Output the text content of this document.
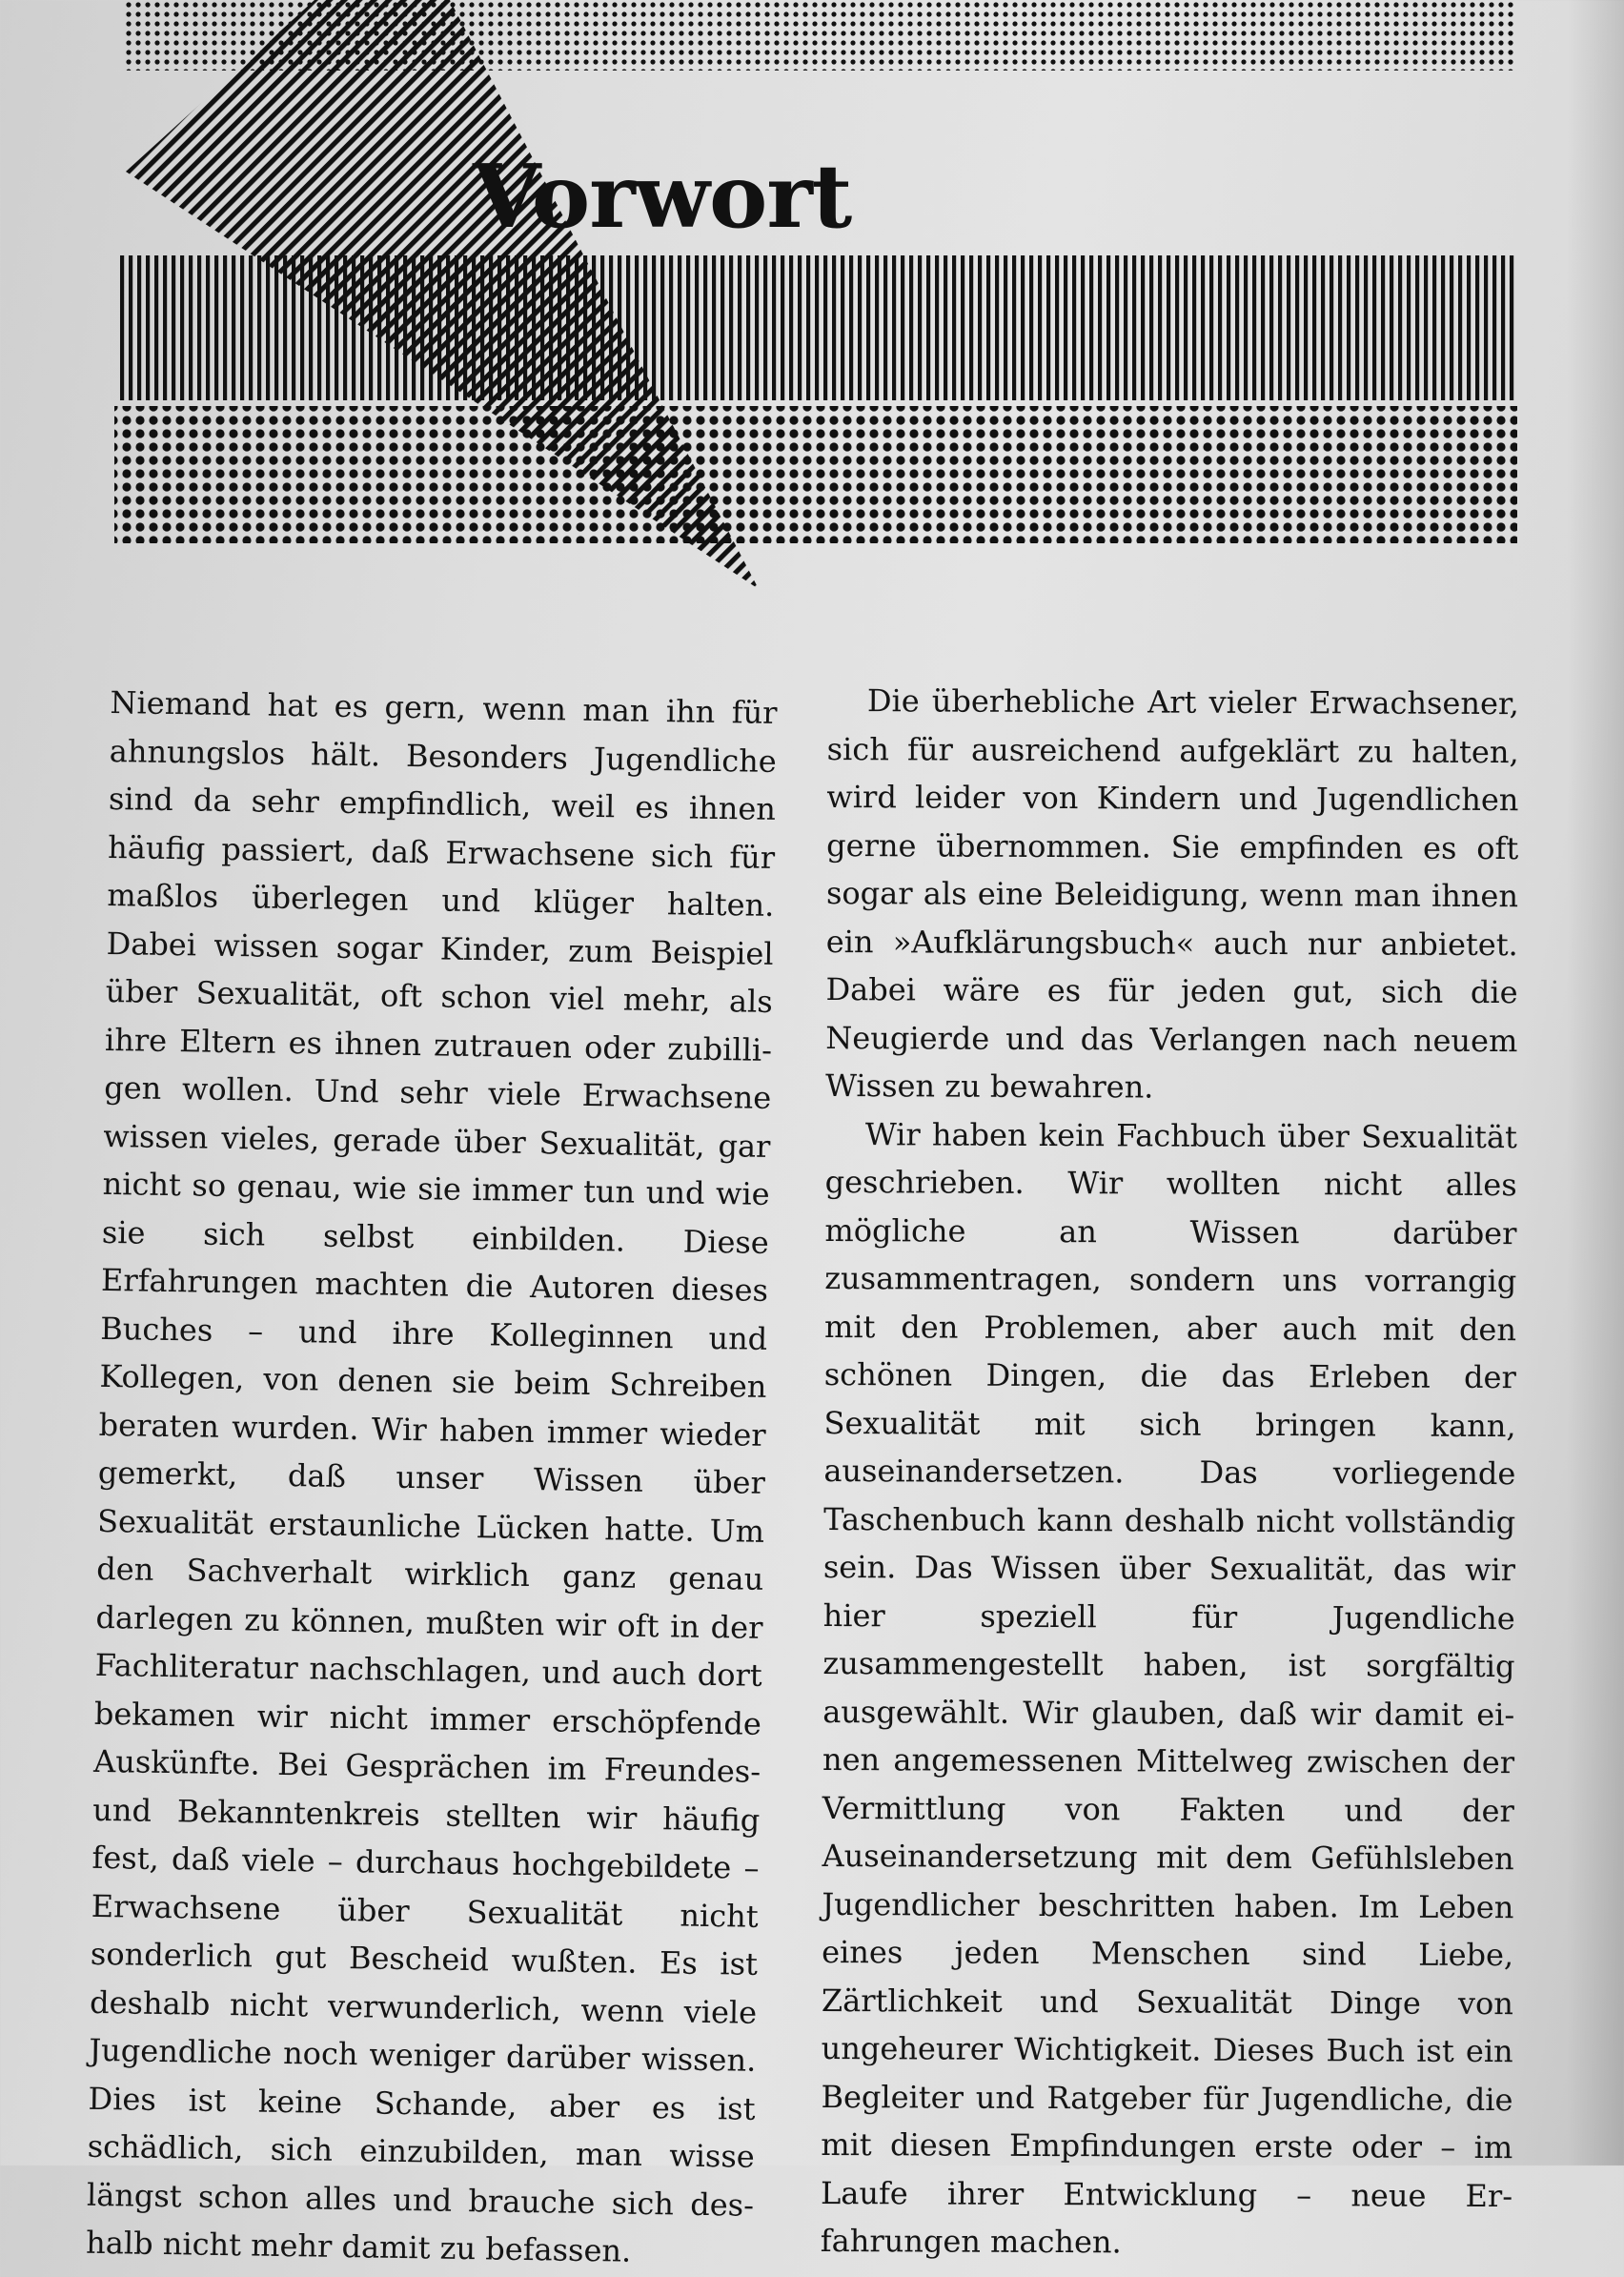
Vorwort

Niemand hat es gern, wenn man ihn für ahnungslos hält. Besonders Jugendliche sind da sehr empfindlich, weil es ihnen häufig passiert, daß Erwachsene sich für maßlos überlegen und klüger halten. Dabei wissen sogar Kinder, zum Beispiel über Sexualität, oft schon viel mehr, als ihre Eltern es ihnen zutrauen oder zubilligen wollen. Und sehr viele Erwachsene wissen vieles, gerade über Sexualität, gar nicht so genau, wie sie immer tun und wie sie sich selbst einbilden. Diese Erfahrungen machten die Autoren dieses Buches – und ihre Kolleginnen und Kollegen, von denen sie beim Schreiben beraten wurden. Wir haben immer wieder gemerkt, daß unser Wissen über Sexualität erstaunliche Lücken hatte. Um den Sachverhalt wirklich ganz genau darlegen zu können, mußten wir oft in der Fachliteratur nachschlagen, und auch dort bekamen wir nicht immer erschöpfende Auskünfte. Bei Gesprächen im Freundes- und Bekanntenkreis stellten wir häufig fest, daß viele – durchaus hochgebildete – Erwachsene über Sexualität nicht sonderlich gut Bescheid wußten. Es ist deshalb nicht verwunderlich, wenn viele Jugendliche noch weniger darüber wissen. Dies ist keine Schande, aber es ist schädlich, sich einzubilden, man wisse längst schon alles und brauche sich deshalb nicht mehr damit zu befassen.

Die überhebliche Art vieler Erwachsener, sich für ausreichend aufgeklärt zu halten, wird leider von Kindern und Jugendlichen gerne übernommen. Sie empfinden es oft sogar als eine Beleidigung, wenn man ihnen ein »Aufklärungsbuch« auch nur anbietet. Dabei wäre es für jeden gut, sich die Neugierde und das Verlangen nach neuem Wissen zu bewahren.

Wir haben kein Fachbuch über Sexualität geschrieben. Wir wollten nicht alles mögliche an Wissen darüber zusammentragen, sondern uns vorrangig mit den Problemen, aber auch mit den schönen Dingen, die das Erleben der Sexualität mit sich bringen kann, auseinandersetzen. Das vorliegende Taschenbuch kann deshalb nicht vollständig sein. Das Wissen über Sexualität, das wir hier speziell für Jugendliche zusammengestellt haben, ist sorgfältig ausgewählt. Wir glauben, daß wir damit einen angemessenen Mittelweg zwischen der Vermittlung von Fakten und der Auseinandersetzung mit dem Gefühlsleben Jugendlicher beschritten haben. Im Leben eines jeden Menschen sind Liebe, Zärtlichkeit und Sexualität Dinge von ungeheurer Wichtigkeit. Dieses Buch ist ein Begleiter und Ratgeber für Jugendliche, die mit diesen Empfindungen erste oder – im Laufe ihrer Entwicklung – neue Erfahrungen machen.
